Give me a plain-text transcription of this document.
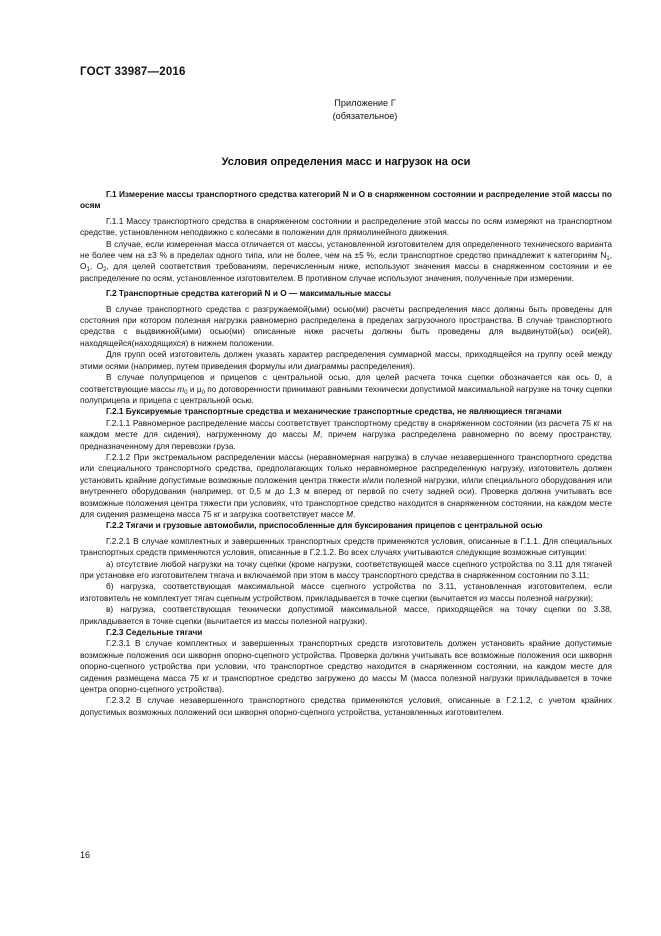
ГОСТ 33987—2016
Приложение Г
(обязательное)
Условия определения масс и нагрузок на оси

Г.1 Измерение массы транспортного средства категорий N и O в снаряженном состоянии и распределение этой массы по осям

Г.1.1 Массу транспортного средства в снаряженном состоянии и распределение этой массы по осям измеряют на транспортном средстве, установленном неподвижно с колесами в положении для прямолинейного движения.

В случае, если измеренная масса отличается от массы, установленной изготовителем для определенного технического варианта не более чем на ±3 % в пределах одного типа, или не более, чем на ±5 %, если транспортное средство принадлежит к категориям $N_1$, $O_1$, $O_2$, для целей соответствия требованиям, перечисленным ниже, используют значения массы в снаряженном состоянии и ее распределение по осям, установленное изготовителем. В противном случае используют значения, полученные при измерении.

Г.2 Транспортные средства категорий N и O — максимальные массы

В случае транспортного средства с разгружаемой(ыми) осью(ми) расчеты распределения масс должны быть проведены для состояния при котором полезная нагрузка равномерно распределена в пределах загрузочного пространства. В случае транспортного средства с выдвижной(ыми) осью(ми) описанные ниже расчеты должны быть проведены для выдвинутой(ых) оси(ей), находящейся(находящихся) в нижнем положении.

Для групп осей изготовитель должен указать характер распределения суммарной массы, приходящейся на группу осей между этими осями (например, путем приведения формулы или диаграммы распределения).

В случае полуприцепов и прицепов с центральной осью, для целей расчета точка сцепки обозначается как ось 0, а соответствующие массы $m_0$ и $\mu_0$ по договоренности принимают равными технически допустимой максимальной нагрузке на точку сцепки полуприцепа и прицепа с центральной осью.

Г.2.1 Буксируемые транспортные средства и механические транспортные средства, не являющиеся тягачами

Г.2.1.1 Равномерное распределение массы соответствует транспортному средству в снаряженном состоянии (из расчета 75 кг на каждом месте для сидения), нагруженному до массы М, причем нагрузка распределена равномерно по всему пространству, предназначенному для перевозки груза.

Г.2.1.2 При экстремальном распределении массы (неравномерная нагрузка) в случае незавершенного транспортного средства или специального транспортного средства, предполагающих только неравномерное распределенную нагрузку, изготовитель должен установить крайние допустимые возможные положения центра тяжести и/или полезной нагрузки, и/или специального оборудования или внутреннего оборудования (например, от 0,5 м до 1,3 м вперед от первой по счету задней оси). Проверка должна учитывать все возможные положения центра тяжести при условиях, что транспортное средство находится в снаряженном состоянии, на каждом месте для сидения размещена масса 75 кг и загрузка соответствует массе М.

Г.2.2 Тягачи и грузовые автомобили, приспособленные для буксирования прицепов с центральной осью

Г.2.2.1 В случае комплектных и завершенных транспортных средств применяются условия, описанные в Г.1.1. Для специальных транспортных средств применяются условия, описанные в Г.2.1.2. Во всех случаях учитываются следующие возможные ситуации:

а) отсутствие любой нагрузки на точку сцепки (кроме нагрузки, соответствующей массе сцепного устройства по 3.11 для тягачей при установке его изготовителем тягача и включаемой при этом в массу транспортного средства в снаряженном состоянии по 3.11;

б) нагрузка, соответствующая максимальной массе сцепного устройства по 3.11, установленная изготовителем, если изготовитель не комплектует тягач сцепным устройством, прикладывается в точке сцепки (вычитается из массы полезной нагрузки);

в) нагрузка, соответствующая технически допустимой максимальной массе, приходящейся на точку сцепки по 3.38, прикладывается в точке сцепки (вычитается из массы полезной нагрузки).

Г.2.3 Седельные тягачи

Г.2.3.1 В случае комплектных и завершенных транспортных средств изготовитель должен установить крайние допустимые возможные положения оси шкворня опорно-сцепного устройства. Проверка должна учитывать все возможные положения оси шкворня опорно-сцепного устройства при условии, что транспортное средство находится в снаряженном состоянии, на каждом месте для сидения размещена масса 75 кг и транспортное средство загружено до массы М (масса полезной нагрузки прикладывается в точке центра опорно-сцепного устройства).

Г.2.3.2 В случае незавершенного транспортного средства применяются условия, описанные в Г.2.1.2, с учетом крайних допустимых возможных положений оси шкворня опорно-сцепного устройства, установленных изготовителем.

16
